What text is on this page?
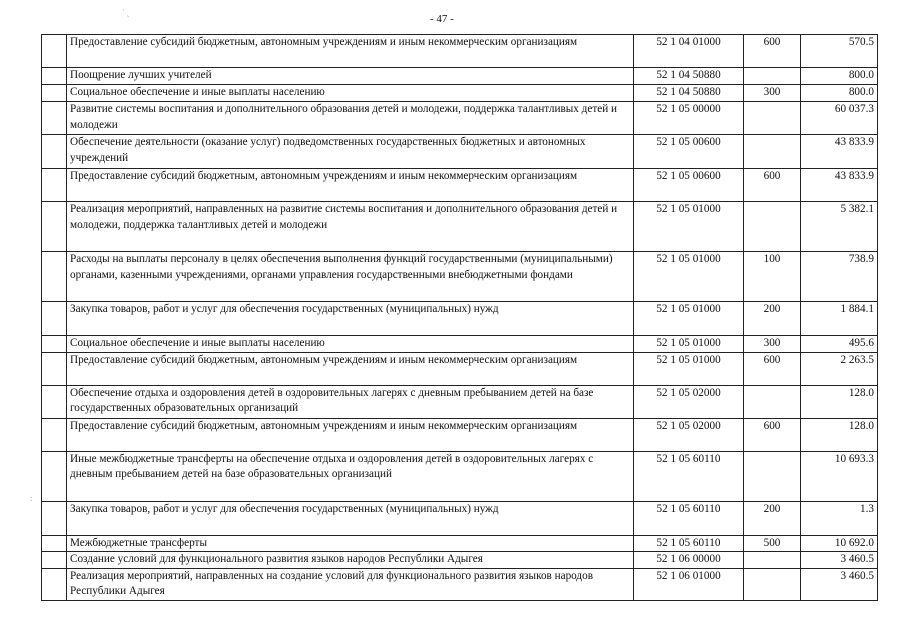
˙ ˏ
:
- 47 -
	Предоставление субсидий бюджетным, автономным учреждениям и иным некоммерческим организациям	52 1 04 01000	600	570.5
	Поощрение лучших учителей	52 1 04 50880		800.0
	Социальное обеспечение и иные выплаты населению	52 1 04 50880	300	800.0
	Развитие системы воспитания и дополнительного образования детей и молодежи, поддержка талантливых детей и молодежи	52 1 05 00000		60 037.3
	Обеспечение деятельности (оказание услуг) подведомственных государственных бюджетных и автономных учреждений	52 1 05 00600		43 833.9
	Предоставление субсидий бюджетным, автономным учреждениям и иным некоммерческим организациям	52 1 05 00600	600	43 833.9
	Реализация мероприятий, направленных на развитие системы воспитания и дополнительного образования детей и молодежи, поддержка талантливых детей и молодежи	52 1 05 01000		5 382.1
	Расходы на выплаты персоналу в целях обеспечения выполнения функций государственными (муниципальными) органами, казенными учреждениями, органами управления государственными внебюджетными фондами	52 1 05 01000	100	738.9
	Закупка товаров, работ и услуг для обеспечения государственных (муниципальных) нужд	52 1 05 01000	200	1 884.1
	Социальное обеспечение и иные выплаты населению	52 1 05 01000	300	495.6
	Предоставление субсидий бюджетным, автономным учреждениям и иным некоммерческим организациям	52 1 05 01000	600	2 263.5
	Обеспечение отдыха и оздоровления детей в оздоровительных лагерях с дневным пребыванием детей на базе государственных образовательных организаций	52 1 05 02000		128.0
	Предоставление субсидий бюджетным, автономным учреждениям и иным некоммерческим организациям	52 1 05 02000	600	128.0
	Иные межбюджетные трансферты на обеспечение отдыха и оздоровления детей в оздоровительных лагерях с дневным пребыванием детей на базе образовательных организаций	52 1 05 60110		10 693.3
	Закупка товаров, работ и услуг для обеспечения государственных (муниципальных) нужд	52 1 05 60110	200	1.3
	Межбюджетные трансферты	52 1 05 60110	500	10 692.0
	Создание условий для функционального развития языков народов Республики Адыгея	52 1 06 00000		3 460.5
	Реализация мероприятий, направленных на создание условий для функционального развития языков народов Республики Адыгея	52 1 06 01000		3 460.5
